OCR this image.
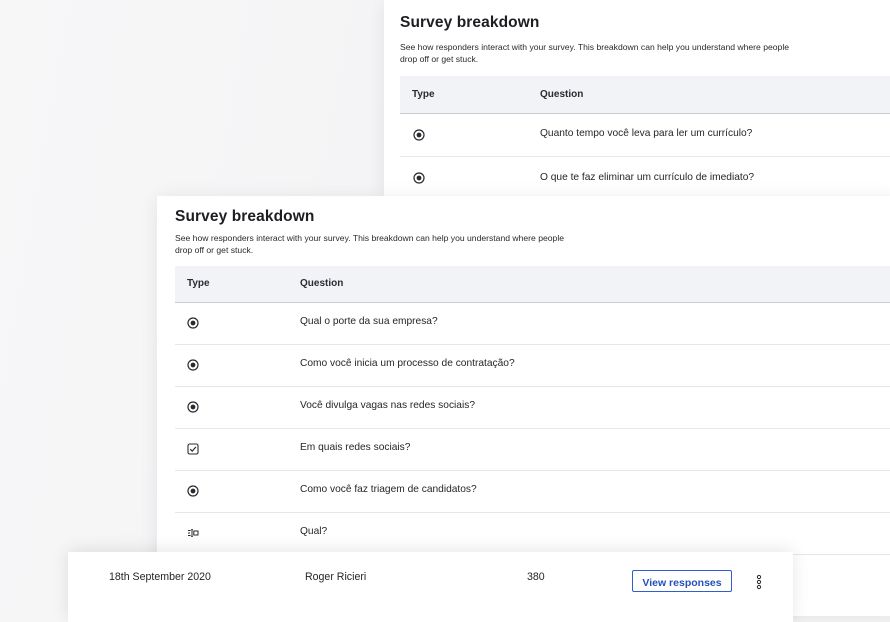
Survey breakdown
See how responders interact with your survey. This breakdown can help you understand where people
drop off or get stuck.
Type	Question
Quanto tempo você leva para ler um currículo?
O que te faz eliminar um currículo de imediato?
Survey breakdown
See how responders interact with your survey. This breakdown can help you understand where people
drop off or get stuck.
Type	Question
Qual o porte da sua empresa?
Como você inicia um processo de contratação?
Você divulga vagas nas redes sociais?
Em quais redes sociais?
Como você faz triagem de candidatos?
Qual?
18th September 2020	Roger Ricieri	380	View responses
